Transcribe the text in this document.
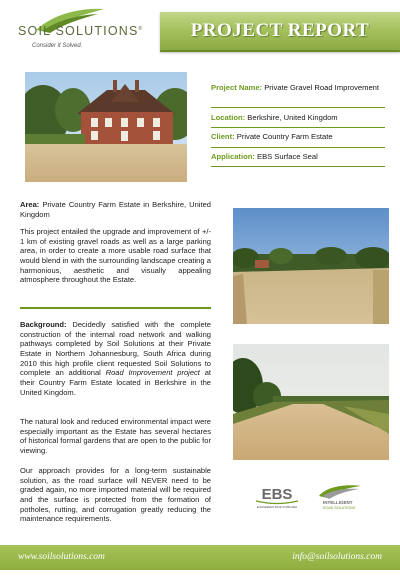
SOIL SOLUTIONS®
Consider it Solved.
PROJECT REPORT
Project Name: Private Gravel Road Improvement
Location: Berkshire, United Kingdom
Client: Private Country Farm Estate
Application: EBS Surface Seal
Area: Private Country Farm Estate in Berkshire, United Kingdom
This project entailed the upgrade and improvement of +/- 1 km of existing gravel roads as well as a large parking area, in order to create a more usable road surface that would blend in with the surrounding landscape creating a harmonious, aesthetic and visually appealing atmosphere throughout the Estate.
Background: Decidedly satisfied with the complete construction of the internal road network and walking pathways completed by Soil Solutions at their Private Estate in Northern Johannesburg, South Africa during 2010 this high profile client requested Soil Solutions to complete an additional Road Improvement project at their Country Farm Estate located in Berkshire in the United Kingdom.
The natural look and reduced environmental impact were especially important as the Estate has several hectares of historical formal gardens that are open to the public for viewing.
Our approach provides for a long-term sustainable solution, as the road surface will NEVER need to be graded again, no more imported material will be required and the surface is protected from the formation of potholes, rutting, and corrugation greatly reducing the maintenance requirements.
EBS
ENGINEERED BASE STABILISER
INTELLIGENT
ROAD SOLUTIONS
www.soilsolutions.com	info@soilsolutions.com
